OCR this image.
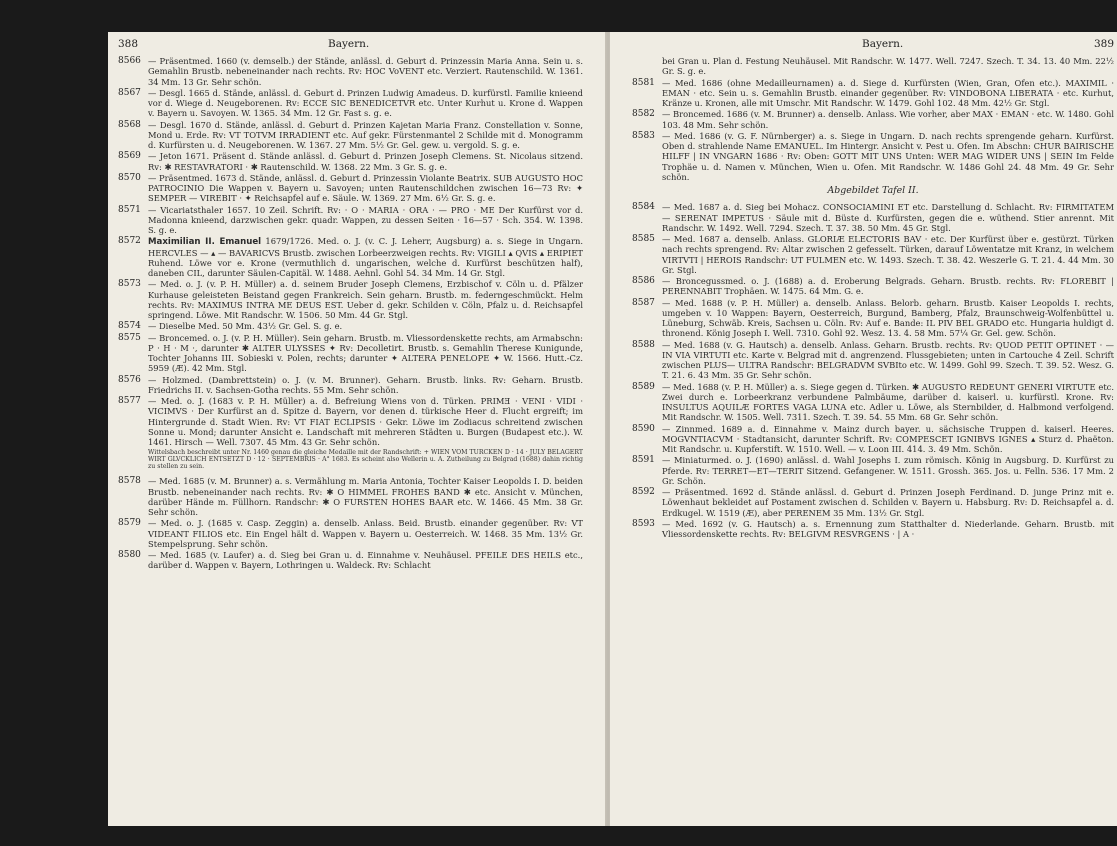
388	Bayern.
8566 — Präsentmed. 1660 (v. demselb.) der Stände, anlässl. d. Geburt d. Prinzessin Maria Anna. Sein u. s. Gemahlin Brustb. nebeneinander nach rechts. Rv: HOC VoVENT etc. Verziert. Rautenschild. W. 1361. 34 Mm. 13 Gr. Sehr schön.
8567 — Desgl. 1665 d. Stände, anlässl. d. Geburt d. Prinzen Ludwig Amadeus. D. kurfürstl. Familie knieend vor d. Wiege d. Neugeborenen. Rv: ECCE SIC BENEDICETVR etc. Unter Kurhut u. Krone d. Wappen v. Bayern u. Savoyen. W. 1365. 34 Mm. 12 Gr. Fast s. g. e.
8568 — Desgl. 1670 d. Stände, anlässl. d. Geburt d. Prinzen Kajetan Maria Franz. Constellation v. Sonne, Mond u. Erde. Rv: VT TOTVM IRRADIENT etc. Auf gekr. Fürstenmantel 2 Schilde mit d. Monogramm d. Kurfürsten u. d. Neugeborenen. W. 1367. 27 Mm. 5½ Gr. Gel. gew. u. vergold. S. g. e.
8569 — Jeton 1671. Präsent d. Stände anlässl. d. Geburt d. Prinzen Joseph Clemens. St. Nicolaus sitzend. Rv: ✱ RESTAVRATORI · ✱ Rautenschild. W. 1368. 22 Mm. 3 Gr. S. g. e.
8570 — Präsentmed. 1673 d. Stände, anlässl. d. Geburt d. Prinzessin Violante Beatrix. SUB AUGUSTO HOC PATROCINIO Die Wappen v. Bayern u. Savoyen; unten Rautenschildchen zwischen 16—73 Rv: ✦ SEMPER — VIREBIT · ✦ Reichsapfel auf e. Säule. W. 1369. 27 Mm. 6½ Gr. S. g. e.
8571 — Vicariatsthaler 1657. 10 Zeil. Schrift. Rv: · O · MARIA · ORA · — PRO · ME Der Kurfürst vor d. Madonna knieend, darzwischen gekr. quadr. Wappen, zu dessen Seiten · 16—57 · Sch. 354. W. 1398. S. g. e.
8572 Maximilian II. Emanuel 1679/1726. Med. o. J. (v. C. J. Leherr, Augsburg) a. s. Siege in Ungarn. HERCVLES — ▴ — BAVARICVS Brustb. zwischen Lorbeerzweigen rechts. Rv: VIGILI ▴ QVIS ▴ ERIPIET Ruhend. Löwe vor e. Krone (vermuthlich d. ungarischen, welche d. Kurfürst beschützen half), daneben CIL, darunter Säulen-Capitäl. W. 1488. Aehnl. Gohl 54. 34 Mm. 14 Gr. Stgl.
8573 — Med. o. J. (v. P. H. Müller) a. d. seinem Bruder Joseph Clemens, Erzbischof v. Cöln u. d. Pfälzer Kurhause geleisteten Beistand gegen Frankreich. Sein geharn. Brustb. m. federngeschmückt. Helm rechts. Rv: MAXIMUS INTRA ME DEUS EST. Ueber d. gekr. Schilden v. Cöln, Pfalz u. d. Reichsapfel springend. Löwe. Mit Randschr. W. 1506. 50 Mm. 44 Gr. Stgl.
8574 — Dieselbe Med. 50 Mm. 43½ Gr. Gel. S. g. e.
8575 — Broncemed. o. J. (v. P. H. Müller). Sein geharn. Brustb. m. Vliessordenskette rechts, am Armabschn: P · H · M ·, darunter ✱ ALTER ULYSSES ✦ Rv: Decolletirt. Brustb. s. Gemahlin Therese Kunigunde, Tochter Johanns III. Sobieski v. Polen, rechts; darunter ✦ ALTERA PENELOPE ✦ W. 1566. Hutt.-Cz. 5959 (Æ). 42 Mm. Stgl.
8576 — Holzmed. (Dambrettstein) o. J. (v. M. Brunner). Geharn. Brustb. links. Rv: Geharn. Brustb. Friedrichs II. v. Sachsen-Gotha rechts. 55 Mm. Sehr schön.
8577 — Med. o. J. (1683 v. P. H. Müller) a. d. Befreiung Wiens von d. Türken. PRIMƎ · VENI · VIDI · VICIMVS · Der Kurfürst an d. Spitze d. Bayern, vor denen d. türkische Heer d. Flucht ergreift; im Hintergrunde d. Stadt Wien. Rv: VT FIAT ECLIPSIS · Gekr. Löwe im Zodiacus schreitend zwischen Sonne u. Mond; darunter Ansicht e. Landschaft mit mehreren Städten u. Burgen (Budapest etc.). W. 1461. Hirsch — Well. 7307. 45 Mm. 43 Gr. Sehr schön.
Wittelsbach beschreibt unter Nr. 1460 genau die gleiche Medaille mit der Randschrift: + WIEN VOM TURCKEN D · 14 · JULY BELAGERT WIRT GLVCKLICH ENTSETZT D · 12 · SEPTEMBRIS · A° 1683. Es scheint also Wellerin u. A. Zutheilung zu Belgrad (1688) dahin richtig zu stellen zu sein.
8578 — Med. 1685 (v. M. Brunner) a. s. Vermählung m. Maria Antonia, Tochter Kaiser Leopolds I. D. beiden Brustb. nebeneinander nach rechts. Rv: ✱ O HIMMEL FROHES BAND ✱ etc. Ansicht v. München, darüber Hände m. Füllhorn. Randschr: ✱ O FURSTEN HOHES BAAR etc. W. 1466. 45 Mm. 38 Gr. Sehr schön.
8579 — Med. o. J. (1685 v. Casp. Zeggin) a. denselb. Anlass. Beid. Brustb. einander gegenüber. Rv: VT VIDEANT FILIOS etc. Ein Engel hält d. Wappen v. Bayern u. Oesterreich. W. 1468. 35 Mm. 13½ Gr. Stempelsprung. Sehr schön.
8580 — Med. 1685 (v. Laufer) a. d. Sieg bei Gran u. d. Einnahme v. Neuhäusel. PFEILE DES HEILS etc., darüber d. Wappen v. Bayern, Lothringen u. Waldeck. Rv: Schlacht
Bayern.	389
bei Gran u. Plan d. Festung Neuhäusel. Mit Randschr. W. 1477. Well. 7247. Szech. T. 34. 13. 40 Mm. 22½ Gr. S. g. e.
8581 — Med. 1686 (ohne Medailleurnamen) a. d. Siege d. Kurfürsten (Wien, Gran, Ofen etc.). MAXIMIL · EMAN · etc. Sein u. s. Gemahlin Brustb. einander gegenüber. Rv: VINDOBONA LIBERATA · etc. Kurhut, Kränze u. Kronen, alle mit Umschr. Mit Randschr. W. 1479. Gohl 102. 48 Mm. 42½ Gr. Stgl.
8582 — Broncemed. 1686 (v. M. Brunner) a. denselb. Anlass. Wie vorher, aber MAX · EMAN · etc. W. 1480. Gohl 103. 48 Mm. Sehr schön.
8583 — Med. 1686 (v. G. F. Nürnberger) a. s. Siege in Ungarn. D. nach rechts sprengende geharn. Kurfürst. Oben d. strahlende Name EMANUEL. Im Hintergr. Ansicht v. Pest u. Ofen. Im Abschn: CHUR BAIRISCHE HILFF | IN VNGARN 1686 · Rv: Oben: GOTT MIT UNS Unten: WER MAG WIDER UNS | SEIN Im Felde Trophäe u. d. Namen v. München, Wien u. Ofen. Mit Randschr. W. 1486 Gohl 24. 48 Mm. 49 Gr. Sehr schön.
Abgebildet Tafel II.
8584 — Med. 1687 a. d. Sieg bei Mohacz. CONSOCIAMINI ET etc. Darstellung d. Schlacht. Rv: FIRMITATEM — SERENAT IMPETUS · Säule mit d. Büste d. Kurfürsten, gegen die e. wüthend. Stier anrennt. Mit Randschr. W. 1492. Well. 7294. Szech. T. 37. 38. 50 Mm. 45 Gr. Stgl.
8585 — Med. 1687 a. denselb. Anlass. GLORIÆ ELECTORIS BAV · etc. Der Kurfürst über e. gestürzt. Türken nach rechts sprengend. Rv: Altar zwischen 2 gefesselt. Türken, darauf Löwentatze mit Kranz, in welchem VIRTVTI | HEROIS Randschr: UT FULMEN etc. W. 1493. Szech. T. 38. 42. Weszerle G. T. 21. 4. 44 Mm. 30 Gr. Stgl.
8586 — Broncegussmed. o. J. (1688) a. d. Eroberung Belgrads. Geharn. Brustb. rechts. Rv: FLOREBIT | PERENNABIT Trophäen. W. 1475. 64 Mm. G. e.
8587 — Med. 1688 (v. P. H. Müller) a. denselb. Anlass. Belorb. geharn. Brustb. Kaiser Leopolds I. rechts, umgeben v. 10 Wappen: Bayern, Oesterreich, Burgund, Bamberg, Pfalz, Braunschweig-Wolfenbüttel u. Lüneburg, Schwäb. Kreis, Sachsen u. Cöln. Rv: Auf e. Bande: IL PIV BEL GRADO etc. Hungaria huldigt d. thronend. König Joseph I. Well. 7310. Gohl 92. Wesz. 13. 4. 58 Mm. 57¼ Gr. Gel. gew. Schön.
8588 — Med. 1688 (v. G. Hautsch) a. denselb. Anlass. Geharn. Brustb. rechts. Rv: QUOD PETIT OPTINET · — IN VIA VIRTUTI etc. Karte v. Belgrad mit d. angrenzend. Flussgebieten; unten in Cartouche 4 Zeil. Schrift zwischen PLUS— ULTRA Randschr: BELGRADVM SVBIto etc. W. 1499. Gohl 99. Szech. T. 39. 52. Wesz. G. T. 21. 6. 43 Mm. 35 Gr. Sehr schön.
8589 — Med. 1688 (v. P. H. Müller) a. s. Siege gegen d. Türken. ✱ AUGUSTO REDEUNT GENERI VIRTUTE etc. Zwei durch e. Lorbeerkranz verbundene Palmbäume, darüber d. kaiserl. u. kurfürstl. Krone. Rv: INSULTUS AQUILÆ FORTES VAGA LUNA etc. Adler u. Löwe, als Sternbilder, d. Halbmond verfolgend. Mit Randschr. W. 1505. Well. 7311. Szech. T. 39. 54. 55 Mm. 68 Gr. Sehr schön.
8590 — Zinnmed. 1689 a. d. Einnahme v. Mainz durch bayer. u. sächsische Truppen d. kaiserl. Heeres. MOGVNTIACVM · Stadtansicht, darunter Schrift. Rv: COMPESCET IGNIBVS IGNES ▴ Sturz d. Phaëton. Mit Randschr. u. Kupferstift. W. 1510. Well. — v. Loon III. 414. 3. 49 Mm. Schön.
8591 — Miniaturmed. o. J. (1690) anlässl. d. Wahl Josephs I. zum römisch. König in Augsburg. D. Kurfürst zu Pferde. Rv: TERRET—ET—TERIT Sitzend. Gefangener. W. 1511. Grossh. 365. Jos. u. Felln. 536. 17 Mm. 2 Gr. Schön.
8592 — Präsentmed. 1692 d. Stände anlässl. d. Geburt d. Prinzen Joseph Ferdinand. D. junge Prinz mit e. Löwenhaut bekleidet auf Postament zwischen d. Schilden v. Bayern u. Habsburg. Rv: D. Reichsapfel a. d. Erdkugel. W. 1519 (Æ), aber PERENEM 35 Mm. 13½ Gr. Stgl.
8593 — Med. 1692 (v. G. Hautsch) a. s. Ernennung zum Statthalter d. Niederlande. Geharn. Brustb. mit Vliessordenskette rechts. Rv: BELGIVM RESVRGENS · | A ·
